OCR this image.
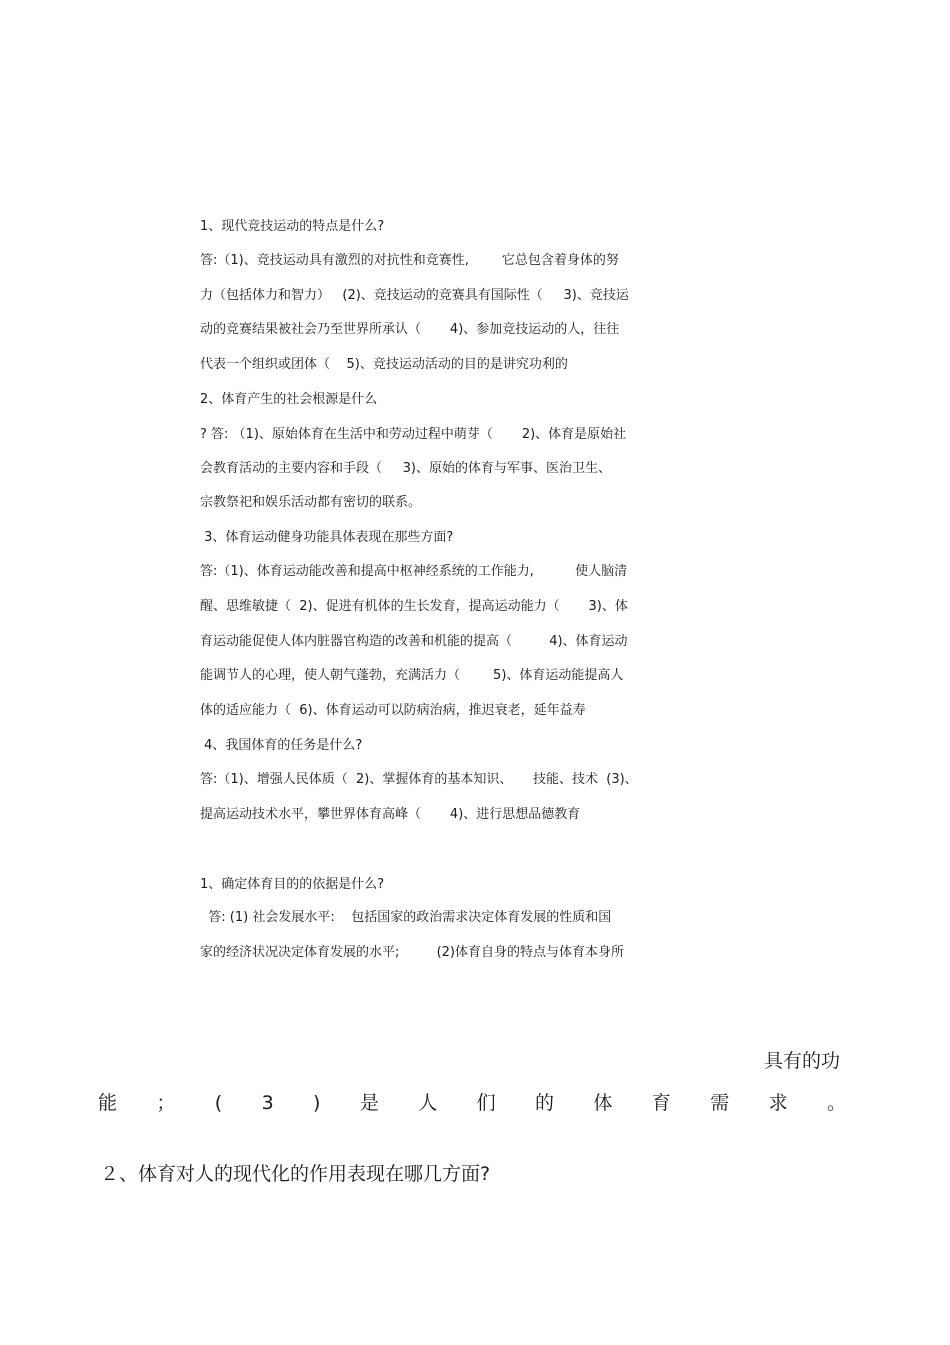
1、现代竞技运动的特点是什么?
答:（1)、竞技运动具有激烈的对抗性和竞赛性,        它总包含着身体的努
力（包括体力和智力）   (2)、竞技运动的竞赛具有国际性（     3)、竞技运
动的竞赛结果被社会乃至世界所承认（       4)、参加竞技运动的人，往往
代表一个组织或团体（    5)、竞技运动活动的目的是讲究功利的
2、体育产生的社会根源是什么
? 答: （1)、原始体育在生活中和劳动过程中萌芽（       2)、体育是原始社
会教育活动的主要内容和手段（     3)、原始的体育与军事、医治卫生、
宗教祭祀和娱乐活动都有密切的联系。
3、体育运动健身功能具体表现在那些方面?
答:（1)、体育运动能改善和提高中枢神经系统的工作能力,          使人脑清
醒、思维敏捷（  2)、促进有机体的生长发育，提高运动能力（       3)、体
育运动能促使人体内脏器官构造的改善和机能的提高（         4)、体育运动
能调节人的心理，使人朝气蓬勃，充满活力（        5)、体育运动能提高人
体的适应能力（  6)、体育运动可以防病治病，推迟衰老，延年益寿
4、我国体育的任务是什么?
答:（1)、增强人民体质（  2)、掌握体育的基本知识、     技能、技术  (3)、
提高运动技术水平，攀世界体育高峰（       4)、进行思想品德教育
1、确定体育目的的依据是什么?
答: (1) 社会发展水平:    包括国家的政治需求决定体育发展的性质和国
家的经济状况决定体育发展的水平;         (2)体育自身的特点与体育本身所
具有的功
能 ； ( 3 ) 是 人 们 的 体 育 需 求 。
２、体育对人的现代化的作用表现在哪几方面?
